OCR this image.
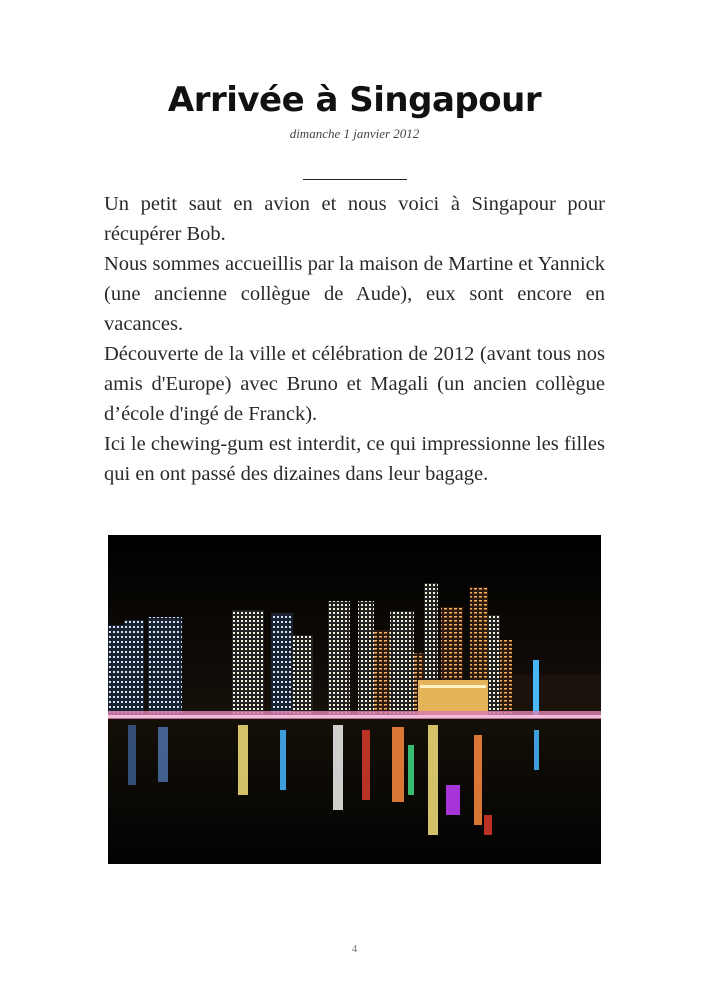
Arrivée à Singapour
dimanche 1 janvier 2012

Un petit saut en avion et nous voici à Singapour pour récupérer Bob.

Nous sommes accueillis par la maison de Martine et Yannick (une ancienne collègue de Aude), eux sont encore en vacances.

Découverte de la ville et célébration de 2012 (avant tous nos amis d'Europe) avec Bruno et Magali (un ancien collègue d’école d'ingé de Franck).

Ici le chewing-gum est interdit, ce qui impressionne les filles qui en ont passé des dizaines dans leur bagage.

4
